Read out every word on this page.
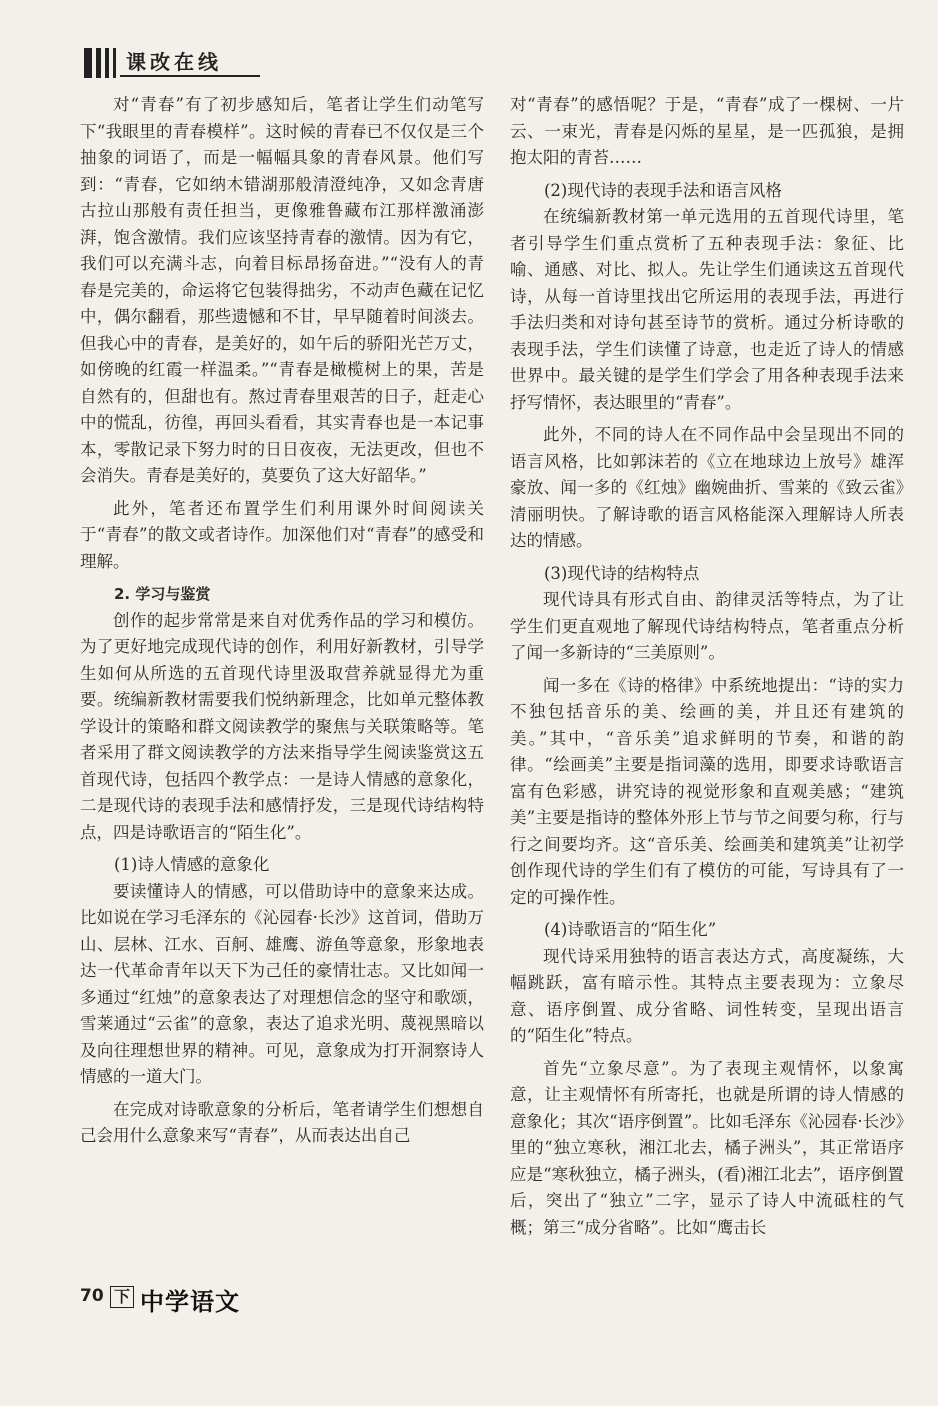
课改在线

对“青春”有了初步感知后，笔者让学生们动笔写下“我眼里的青春模样”。这时候的青春已不仅仅是三个抽象的词语了，而是一幅幅具象的青春风景。他们写到：“青春，它如纳木错湖那般清澄纯净，又如念青唐古拉山那般有责任担当，更像雅鲁藏布江那样激涌澎湃，饱含激情。我们应该坚持青春的激情。因为有它，我们可以充满斗志，向着目标昂扬奋进。”“没有人的青春是完美的，命运将它包装得拙劣，不动声色藏在记忆中，偶尔翻看，那些遗憾和不甘，早早随着时间淡去。但我心中的青春，是美好的，如午后的骄阳光芒万丈，如傍晚的红霞一样温柔。”“青春是橄榄树上的果，苦是自然有的，但甜也有。熬过青春里艰苦的日子，赶走心中的慌乱，彷徨，再回头看看，其实青春也是一本记事本，零散记录下努力时的日日夜夜，无法更改，但也不会消失。青春是美好的，莫要负了这大好韶华。”

此外，笔者还布置学生们利用课外时间阅读关于“青春”的散文或者诗作。加深他们对“青春”的感受和理解。

2. 学习与鉴赏

创作的起步常常是来自对优秀作品的学习和模仿。为了更好地完成现代诗的创作，利用好新教材，引导学生如何从所选的五首现代诗里汲取营养就显得尤为重要。统编新教材需要我们悦纳新理念，比如单元整体教学设计的策略和群文阅读教学的聚焦与关联策略等。笔者采用了群文阅读教学的方法来指导学生阅读鉴赏这五首现代诗，包括四个教学点：一是诗人情感的意象化，二是现代诗的表现手法和感情抒发，三是现代诗结构特点，四是诗歌语言的“陌生化”。

(1)诗人情感的意象化

要读懂诗人的情感，可以借助诗中的意象来达成。比如说在学习毛泽东的《沁园春·长沙》这首词，借助万山、层林、江水、百舸、雄鹰、游鱼等意象，形象地表达一代革命青年以天下为己任的豪情壮志。又比如闻一多通过“红烛”的意象表达了对理想信念的坚守和歌颂，雪莱通过“云雀”的意象，表达了追求光明、蔑视黑暗以及向往理想世界的精神。可见，意象成为打开洞察诗人情感的一道大门。

在完成对诗歌意象的分析后，笔者请学生们想想自己会用什么意象来写“青春”，从而表达出自己

对“青春”的感悟呢？于是，“青春”成了一棵树、一片云、一束光，青春是闪烁的星星，是一匹孤狼，是拥抱太阳的青苔……

(2)现代诗的表现手法和语言风格

在统编新教材第一单元选用的五首现代诗里，笔者引导学生们重点赏析了五种表现手法：象征、比喻、通感、对比、拟人。先让学生们通读这五首现代诗，从每一首诗里找出它所运用的表现手法，再进行手法归类和对诗句甚至诗节的赏析。通过分析诗歌的表现手法，学生们读懂了诗意，也走近了诗人的情感世界中。最关键的是学生们学会了用各种表现手法来抒写情怀，表达眼里的“青春”。

此外，不同的诗人在不同作品中会呈现出不同的语言风格，比如郭沫若的《立在地球边上放号》雄浑豪放、闻一多的《红烛》幽婉曲折、雪莱的《致云雀》清丽明快。了解诗歌的语言风格能深入理解诗人所表达的情感。

(3)现代诗的结构特点

现代诗具有形式自由、韵律灵活等特点，为了让学生们更直观地了解现代诗结构特点，笔者重点分析了闻一多新诗的“三美原则”。

闻一多在《诗的格律》中系统地提出：“诗的实力不独包括音乐的美、绘画的美，并且还有建筑的美。”其中，“音乐美”追求鲜明的节奏，和谐的韵律。“绘画美”主要是指词藻的选用，即要求诗歌语言富有色彩感，讲究诗的视觉形象和直观美感；“建筑美”主要是指诗的整体外形上节与节之间要匀称，行与行之间要均齐。这“音乐美、绘画美和建筑美”让初学创作现代诗的学生们有了模仿的可能，写诗具有了一定的可操作性。

(4)诗歌语言的“陌生化”

现代诗采用独特的语言表达方式，高度凝练，大幅跳跃，富有暗示性。其特点主要表现为：立象尽意、语序倒置、成分省略、词性转变，呈现出语言的“陌生化”特点。

首先“立象尽意”。为了表现主观情怀，以象寓意，让主观情怀有所寄托，也就是所谓的诗人情感的意象化；其次“语序倒置”。比如毛泽东《沁园春·长沙》里的“独立寒秋，湘江北去，橘子洲头”，其正常语序应是“寒秋独立，橘子洲头，(看)湘江北去”，语序倒置后，突出了“独立”二字，显示了诗人中流砥柱的气概；第三“成分省略”。比如“鹰击长

70 下 中学语文
